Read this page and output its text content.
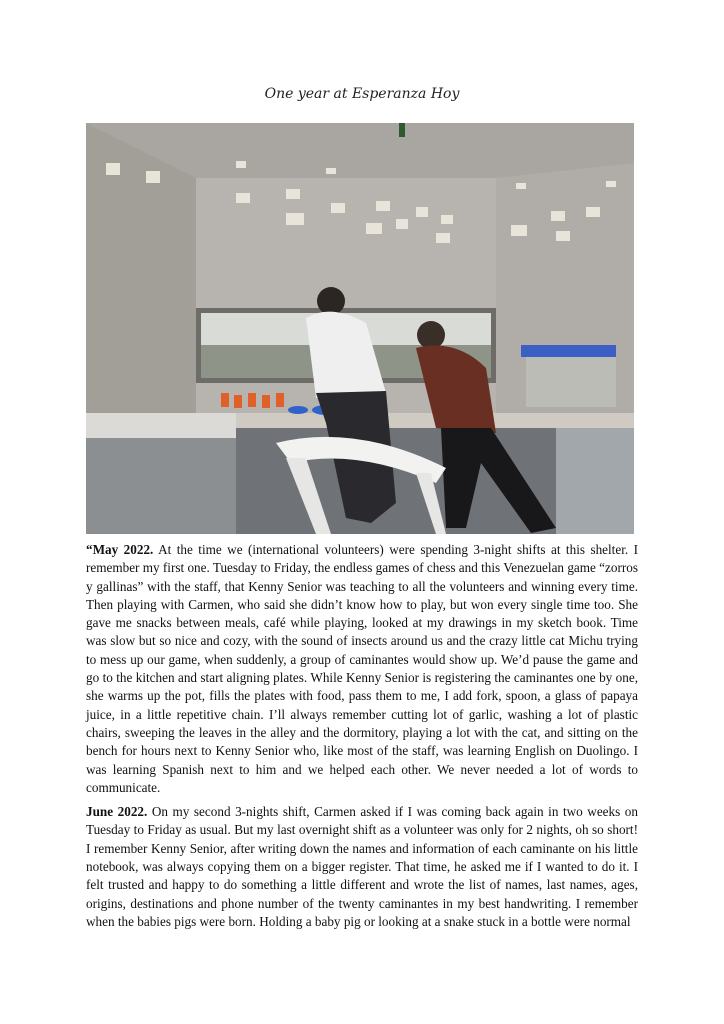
One year at Esperanza Hoy

“May 2022. At the time we (international volunteers) were spending 3-night shifts at this shelter. I remember my first one. Tuesday to Friday, the endless games of chess and this Venezuelan game “zorros y gallinas” with the staff, that Kenny Senior was teaching to all the volunteers and winning every time. Then playing with Carmen, who said she didn’t know how to play, but won every single time too. She gave me snacks between meals, café while playing, looked at my drawings in my sketch book. Time was slow but so nice and cozy, with the sound of insects around us and the crazy little cat Michu trying to mess up our game, when suddenly, a group of caminantes would show up. We’d pause the game and go to the kitchen and start aligning plates. While Kenny Senior is registering the caminantes one by one, she warms up the pot, fills the plates with food, pass them to me, I add fork, spoon, a glass of papaya juice, in a little repetitive chain. I’ll always remember cutting lot of garlic, washing a lot of plastic chairs, sweeping the leaves in the alley and the dormitory, playing a lot with the cat, and sitting on the bench for hours next to Kenny Senior who, like most of the staff, was learning English on Duolingo. I was learning Spanish next to him and we helped each other. We never needed a lot of words to communicate.

June 2022. On my second 3-nights shift, Carmen asked if I was coming back again in two weeks on Tuesday to Friday as usual. But my last overnight shift as a volunteer was only for 2 nights, oh so short! I remember Kenny Senior, after writing down the names and information of each caminante on his little notebook, was always copying them on a bigger register. That time, he asked me if I wanted to do it. I felt trusted and happy to do something a little different and wrote the list of names, last names, ages, origins, destinations and phone number of the twenty caminantes in my best handwriting. I remember when the babies pigs were born. Holding a baby pig or looking at a snake stuck in a bottle were normal
